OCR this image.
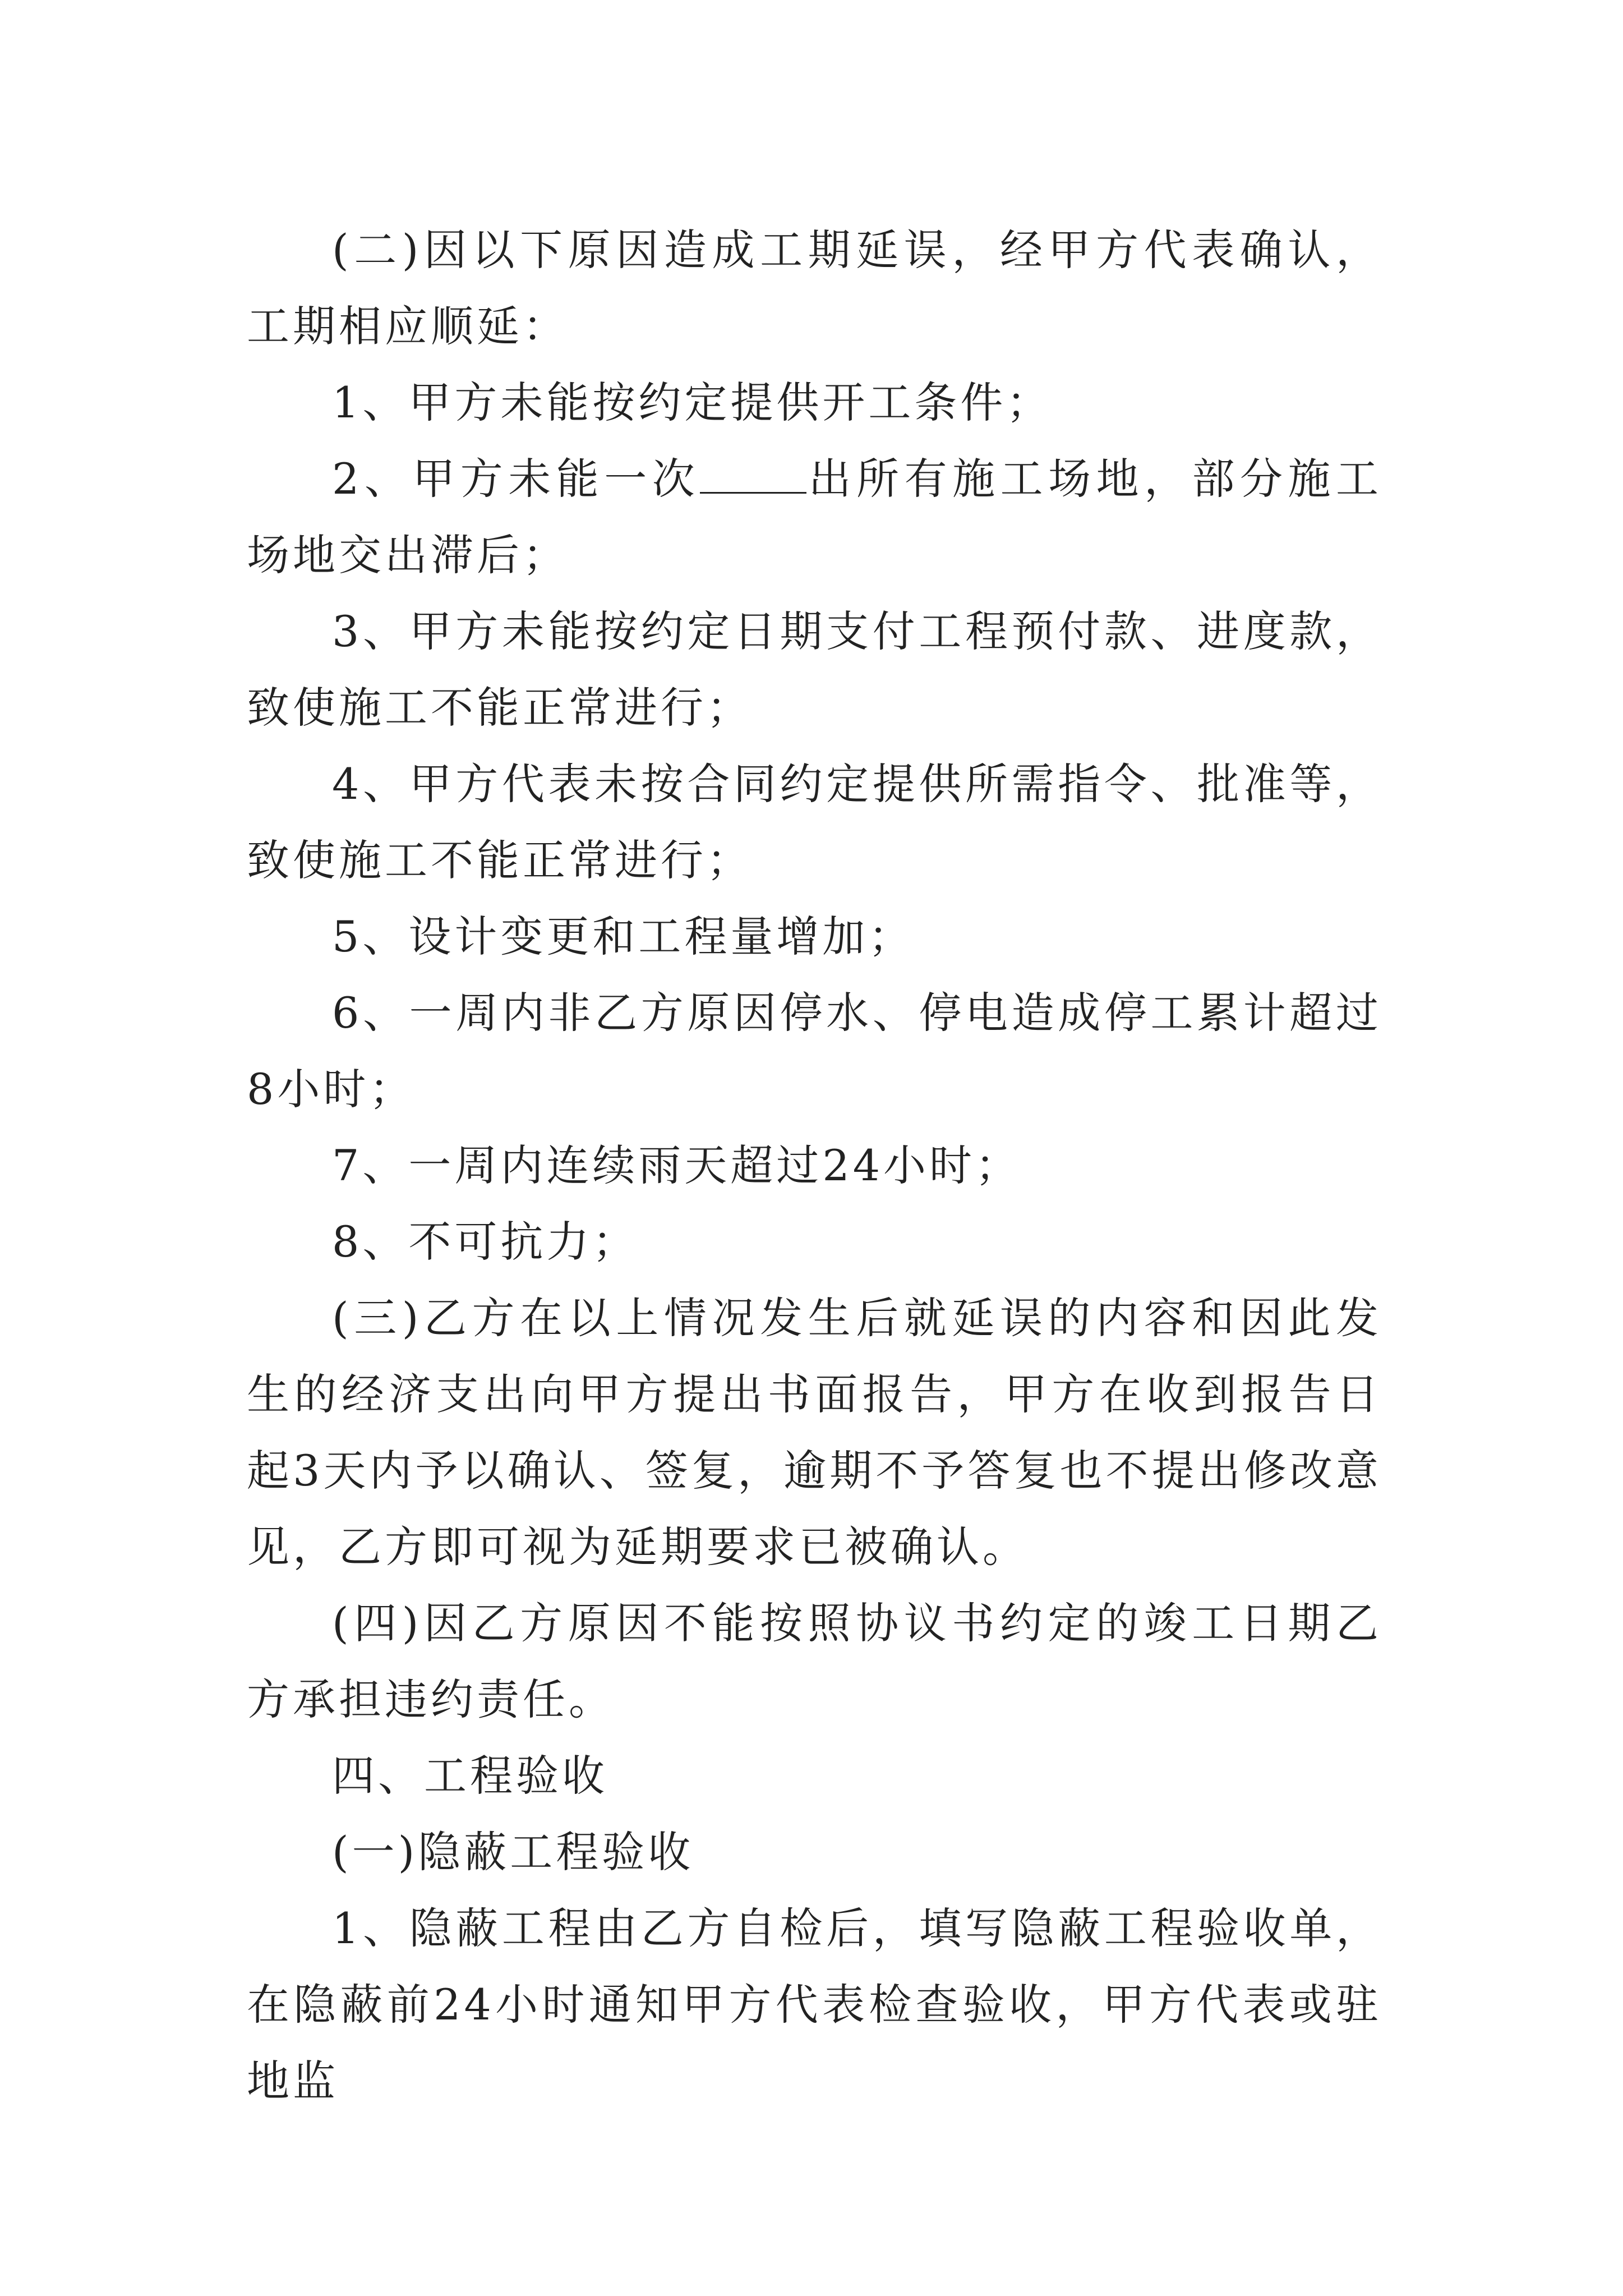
(二)因以下原因造成工期延误，经甲方代表确认，工期相应顺延：

1、甲方未能按约定提供开工条件；

2、甲方未能一次	出所有施工场地，部分施工场地交出滞后；

3、甲方未能按约定日期支付工程预付款、进度款，致使施工不能正常进行；

4、甲方代表未按合同约定提供所需指令、批准等，致使施工不能正常进行；

5、设计变更和工程量增加；

6、一周内非乙方原因停水、停电造成停工累计超过8小时；

7、一周内连续雨天超过24小时；

8、不可抗力；

(三)乙方在以上情况发生后就延误的内容和因此发生的经济支出向甲方提出书面报告，甲方在收到报告日起3天内予以确认、签复，逾期不予答复也不提出修改意见，乙方即可视为延期要求已被确认。

(四)因乙方原因不能按照协议书约定的竣工日期乙方承担违约责任。

四、工程验收

(一)隐蔽工程验收

1、隐蔽工程由乙方自检后，填写隐蔽工程验收单，在隐蔽前24小时通知甲方代表检查验收，甲方代表或驻地监
